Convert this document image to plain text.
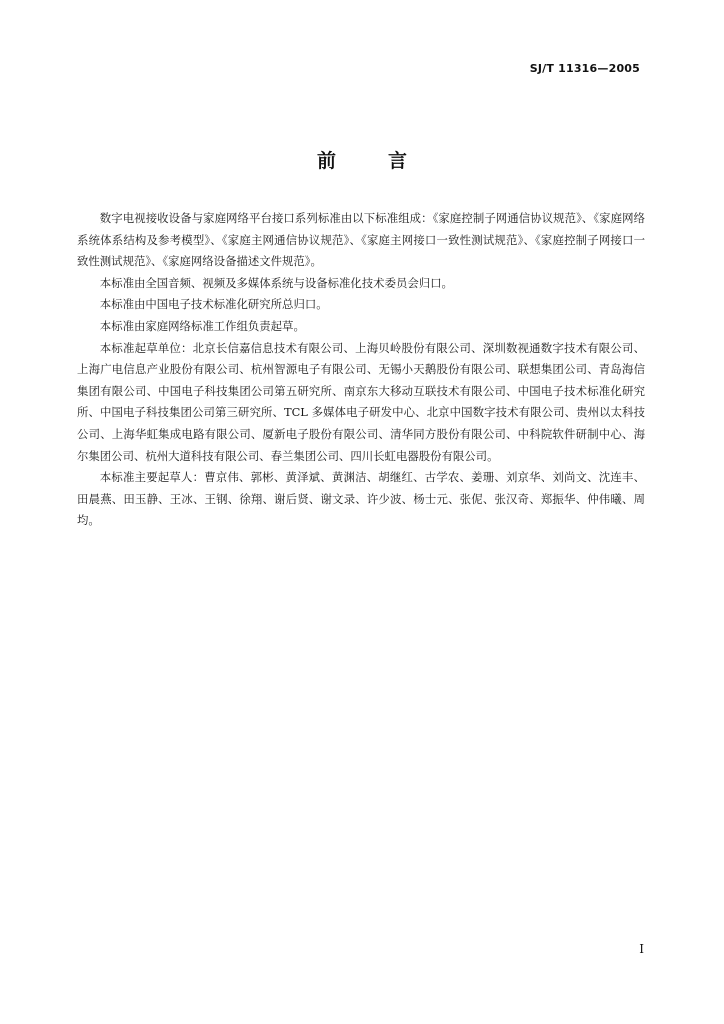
SJ/T 11316—2005
前言

数字电视接收设备与家庭网络平台接口系列标准由以下标准组成：《家庭控制子网通信协议规范》、《家庭网络系统体系结构及参考模型》、《家庭主网通信协议规范》、《家庭主网接口一致性测试规范》、《家庭控制子网接口一致性测试规范》、《家庭网络设备描述文件规范》。

本标准由全国音频、视频及多媒体系统与设备标准化技术委员会归口。

本标准由中国电子技术标准化研究所总归口。

本标准由家庭网络标准工作组负责起草。

本标准起草单位：北京长信嘉信息技术有限公司、上海贝岭股份有限公司、深圳数视通数字技术有限公司、上海广电信息产业股份有限公司、杭州智源电子有限公司、无锡小天鹅股份有限公司、联想集团公司、青岛海信集团有限公司、中国电子科技集团公司第五研究所、南京东大移动互联技术有限公司、中国电子技术标准化研究所、中国电子科技集团公司第三研究所、TCL 多媒体电子研发中心、北京中国数字技术有限公司、贵州以太科技公司、上海华虹集成电路有限公司、厦新电子股份有限公司、清华同方股份有限公司、中科院软件研制中心、海尔集团公司、杭州大道科技有限公司、春兰集团公司、四川长虹电器股份有限公司。

本标准主要起草人：曹京伟、郭彬、黄泽斌、黄渊洁、胡继红、古学农、姜珊、刘京华、刘尚文、沈连丰、田晨燕、田玉静、王冰、王钢、徐翔、谢后贤、谢文录、许少波、杨士元、张伲、张汉奇、郑振华、仲伟曦、周均。

I
